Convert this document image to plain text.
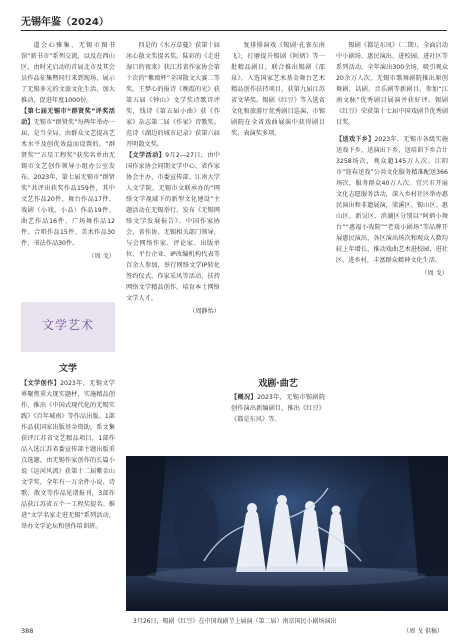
无锡年鉴（2024）

道会心雅集、无锡市图书馆“新书市”系列交流，以及在西山区，由时光启动的首届北市及其会员作品征集暨同行来到现场，展示了无锡多元的文旅文化生活，加大推动，促进年度1000份。

【第七届无锡市“群贤奖”评奖活动】无锡市“群贤奖”每两年举办一届，是当全局、由群众文艺提高艺术水平及创优效益而设置的。“群贤奖”“五星工程奖”获奖名单由无锡市文艺创作领导小组办公室发布。2023年，第七届无锡市“群贤奖”共评出获奖作品159件，其中文艺作品20件、舞台作品17件、戏剧（小戏、小品）作品19件、曲艺作品16件、广场舞作品12件、合唱作品15件、美术作品30件、书法作品30件。

（周 戈）

文学艺术
文学

【文学创作】2023年，无锡文学界聚焦重大现实题材，实施精品创作，推出《中国式现代化的无锡实践》《百年城南》等作品出版。1部作品获国家出版基金资助，系文集获评江苏省文艺精品项目，1部作品入选江苏省委宣传部主题出版重点选题，由无锡作家创作的长篇小说《运河风流》获第十二届紫金山文学奖。全年有一万余件小说、诗歌、散文等作品见诸报刊，3部作品获江苏省五个一工程奖提名。推进“文学名家走进无锡”系列活动，举办文学论坛和创作培训班。

四是的《水方草蔓》获第十届冰心散文奖提名奖。陆彩的《走进湿口的夜来》获江苏省作家协会第十次的“紫琅杯”全国散文大赛二等奖。王梦心的报诗《晚霞的光》获第五届《钟山》文学奖诗歌诗评奖，钱诗《第五届小曲》获《作家》杂志第二届《作家》诗歌奖。范诗《湖边的城市记录》获第六届开明散文奖。

【文学活动】9月2—27日，由中国作家协会同期文学中心、省作家协会主办，市委宣传部、江南大学人文学院、无锡市文联承办的“网络文学视域下的新型文化建设”主题活动在无锡举行，发布《无锡网络文学发展报告》。中国作家协会、省作协、无锡相关部门领导，与会网络作家、评论家、出版单位、平台企业、IP改编机构代表等百余人参加，举行网络文学IP转化签约仪式、作家采风等活动，扶持网络文学精品创作，培育本土网络文学人才。

（周静怡）

复排排演戏《锡剧·孔雀东南飞》，打磨提升锡剧《阿炳》等一批精品剧目，联合推出锡剧《邵泉》，入选国家艺术基金舞台艺术精品创作扶持项目，获第九届江苏省文华奖。锡剧《红豆》等入选省文化和旅游厅优秀剧目巡演，市锡剧院在全省戏曲展演中获得剧目奖、表演奖多项。

戏剧·曲艺

【概况】2023年，无锡市锡剧院创作演出新编剧目，推出《红豆》《都是东风》等。

锡剧《都是东风》（二期），全面启动中小剧场、惠民演出、进校园、进社区等系列活动，全年演出300余场，吸引观众20余万人次。无锡市歌舞剧院推出原创舞剧、话剧、音乐剧等新剧目，参加“江南文脉”优秀剧目展演并获好评。锡剧《红豆》荣获第十七届中国戏剧节优秀剧目奖。

【送戏下乡】2023年，无锡市各级实施送戏下乡，送演出下乡，送培训下乡合计3258场次，观众超145万人次。江阴市“迎春送戏”公共文化服务精准配送366场次，服务群众40万人次。宜兴市开展文化志愿服务活动，深入乡村社区举办惠民演出和非遗展演，梁溪区、锡山区、惠山区、新吴区、滨湖区分别以“阿炳小舞台”“惠福小戏院”“老戏小剧场”等品牌开展惠民演出，各区演出场次和观众人数均较上年增长，推动戏曲艺术进校园、进社区、进乡村，丰富群众精神文化生活。

（周 戈）

3月26日，锡剧《红豆》在中国戏剧节上展演（第二届）南京国民小剧场演出
（周 戈 供稿）
388
